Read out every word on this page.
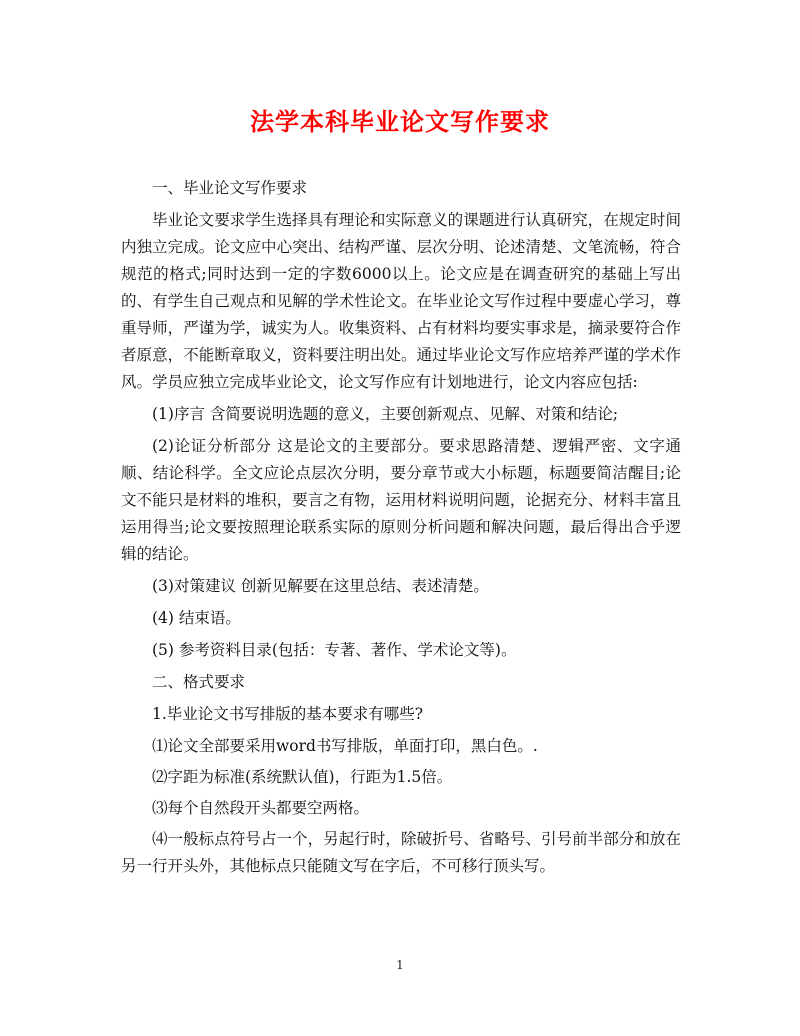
法学本科毕业论文写作要求

一、毕业论文写作要求

毕业论文要求学生选择具有理论和实际意义的课题进行认真研究，在规定时间内独立完成。论文应中心突出、结构严谨、层次分明、论述清楚、文笔流畅，符合规范的格式;同时达到一定的字数6000以上。论文应是在调查研究的基础上写出的、有学生自己观点和见解的学术性论文。在毕业论文写作过程中要虚心学习，尊重导师，严谨为学，诚实为人。收集资料、占有材料均要实事求是，摘录要符合作者原意，不能断章取义，资料要注明出处。通过毕业论文写作应培养严谨的学术作风。学员应独立完成毕业论文，论文写作应有计划地进行，论文内容应包括:

(1)序言 含简要说明选题的意义，主要创新观点、见解、对策和结论;

(2)论证分析部分 这是论文的主要部分。要求思路清楚、逻辑严密、文字通顺、结论科学。全文应论点层次分明，要分章节或大小标题，标题要简洁醒目;论文不能只是材料的堆积，要言之有物，运用材料说明问题，论据充分、材料丰富且运用得当;论文要按照理论联系实际的原则分析问题和解决问题，最后得出合乎逻辑的结论。

(3)对策建议 创新见解要在这里总结、表述清楚。

(4) 结束语。

(5) 参考资料目录(包括：专著、著作、学术论文等)。

二、格式要求

1.毕业论文书写排版的基本要求有哪些?

⑴论文全部要采用word书写排版，单面打印，黑白色。.

⑵字距为标准(系统默认值)，行距为1.5倍。

⑶每个自然段开头都要空两格。

⑷一般标点符号占一个，另起行时，除破折号、省略号、引号前半部分和放在另一行开头外，其他标点只能随文写在字后，不可移行顶头写。

1
